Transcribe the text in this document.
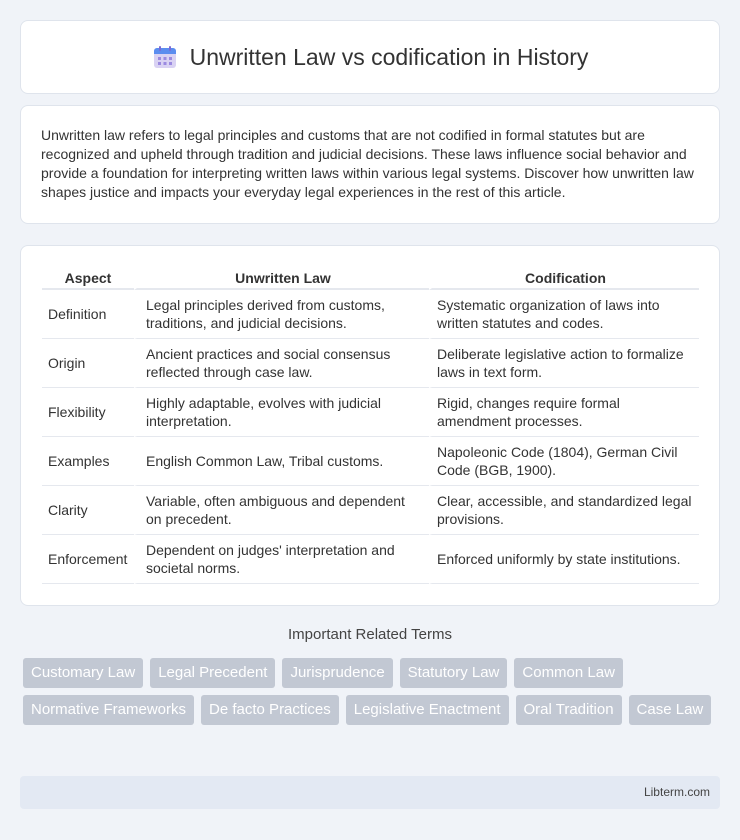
Unwritten Law vs codification in History

Unwritten law refers to legal principles and customs that are not codified in formal statutes but are recognized and upheld through tradition and judicial decisions. These laws influence social behavior and provide a foundation for interpreting written laws within various legal systems. Discover how unwritten law shapes justice and impacts your everyday legal experiences in the rest of this article.

Aspect	Unwritten Law	Codification
Definition	Legal principles derived from customs, traditions, and judicial decisions.	Systematic organization of laws into written statutes and codes.
Origin	Ancient practices and social consensus reflected through case law.	Deliberate legislative action to formalize laws in text form.
Flexibility	Highly adaptable, evolves with judicial interpretation.	Rigid, changes require formal amendment processes.
Examples	English Common Law, Tribal customs.	Napoleonic Code (1804), German Civil Code (BGB, 1900).
Clarity	Variable, often ambiguous and dependent on precedent.	Clear, accessible, and standardized legal provisions.
Enforcement	Dependent on judges' interpretation and societal norms.	Enforced uniformly by state institutions.
Important Related Terms
Customary Law	Legal Precedent	Jurisprudence	Statutory Law	Common Law
Normative Frameworks	De facto Practices	Legislative Enactment	Oral Tradition	Case Law
Libterm.com
